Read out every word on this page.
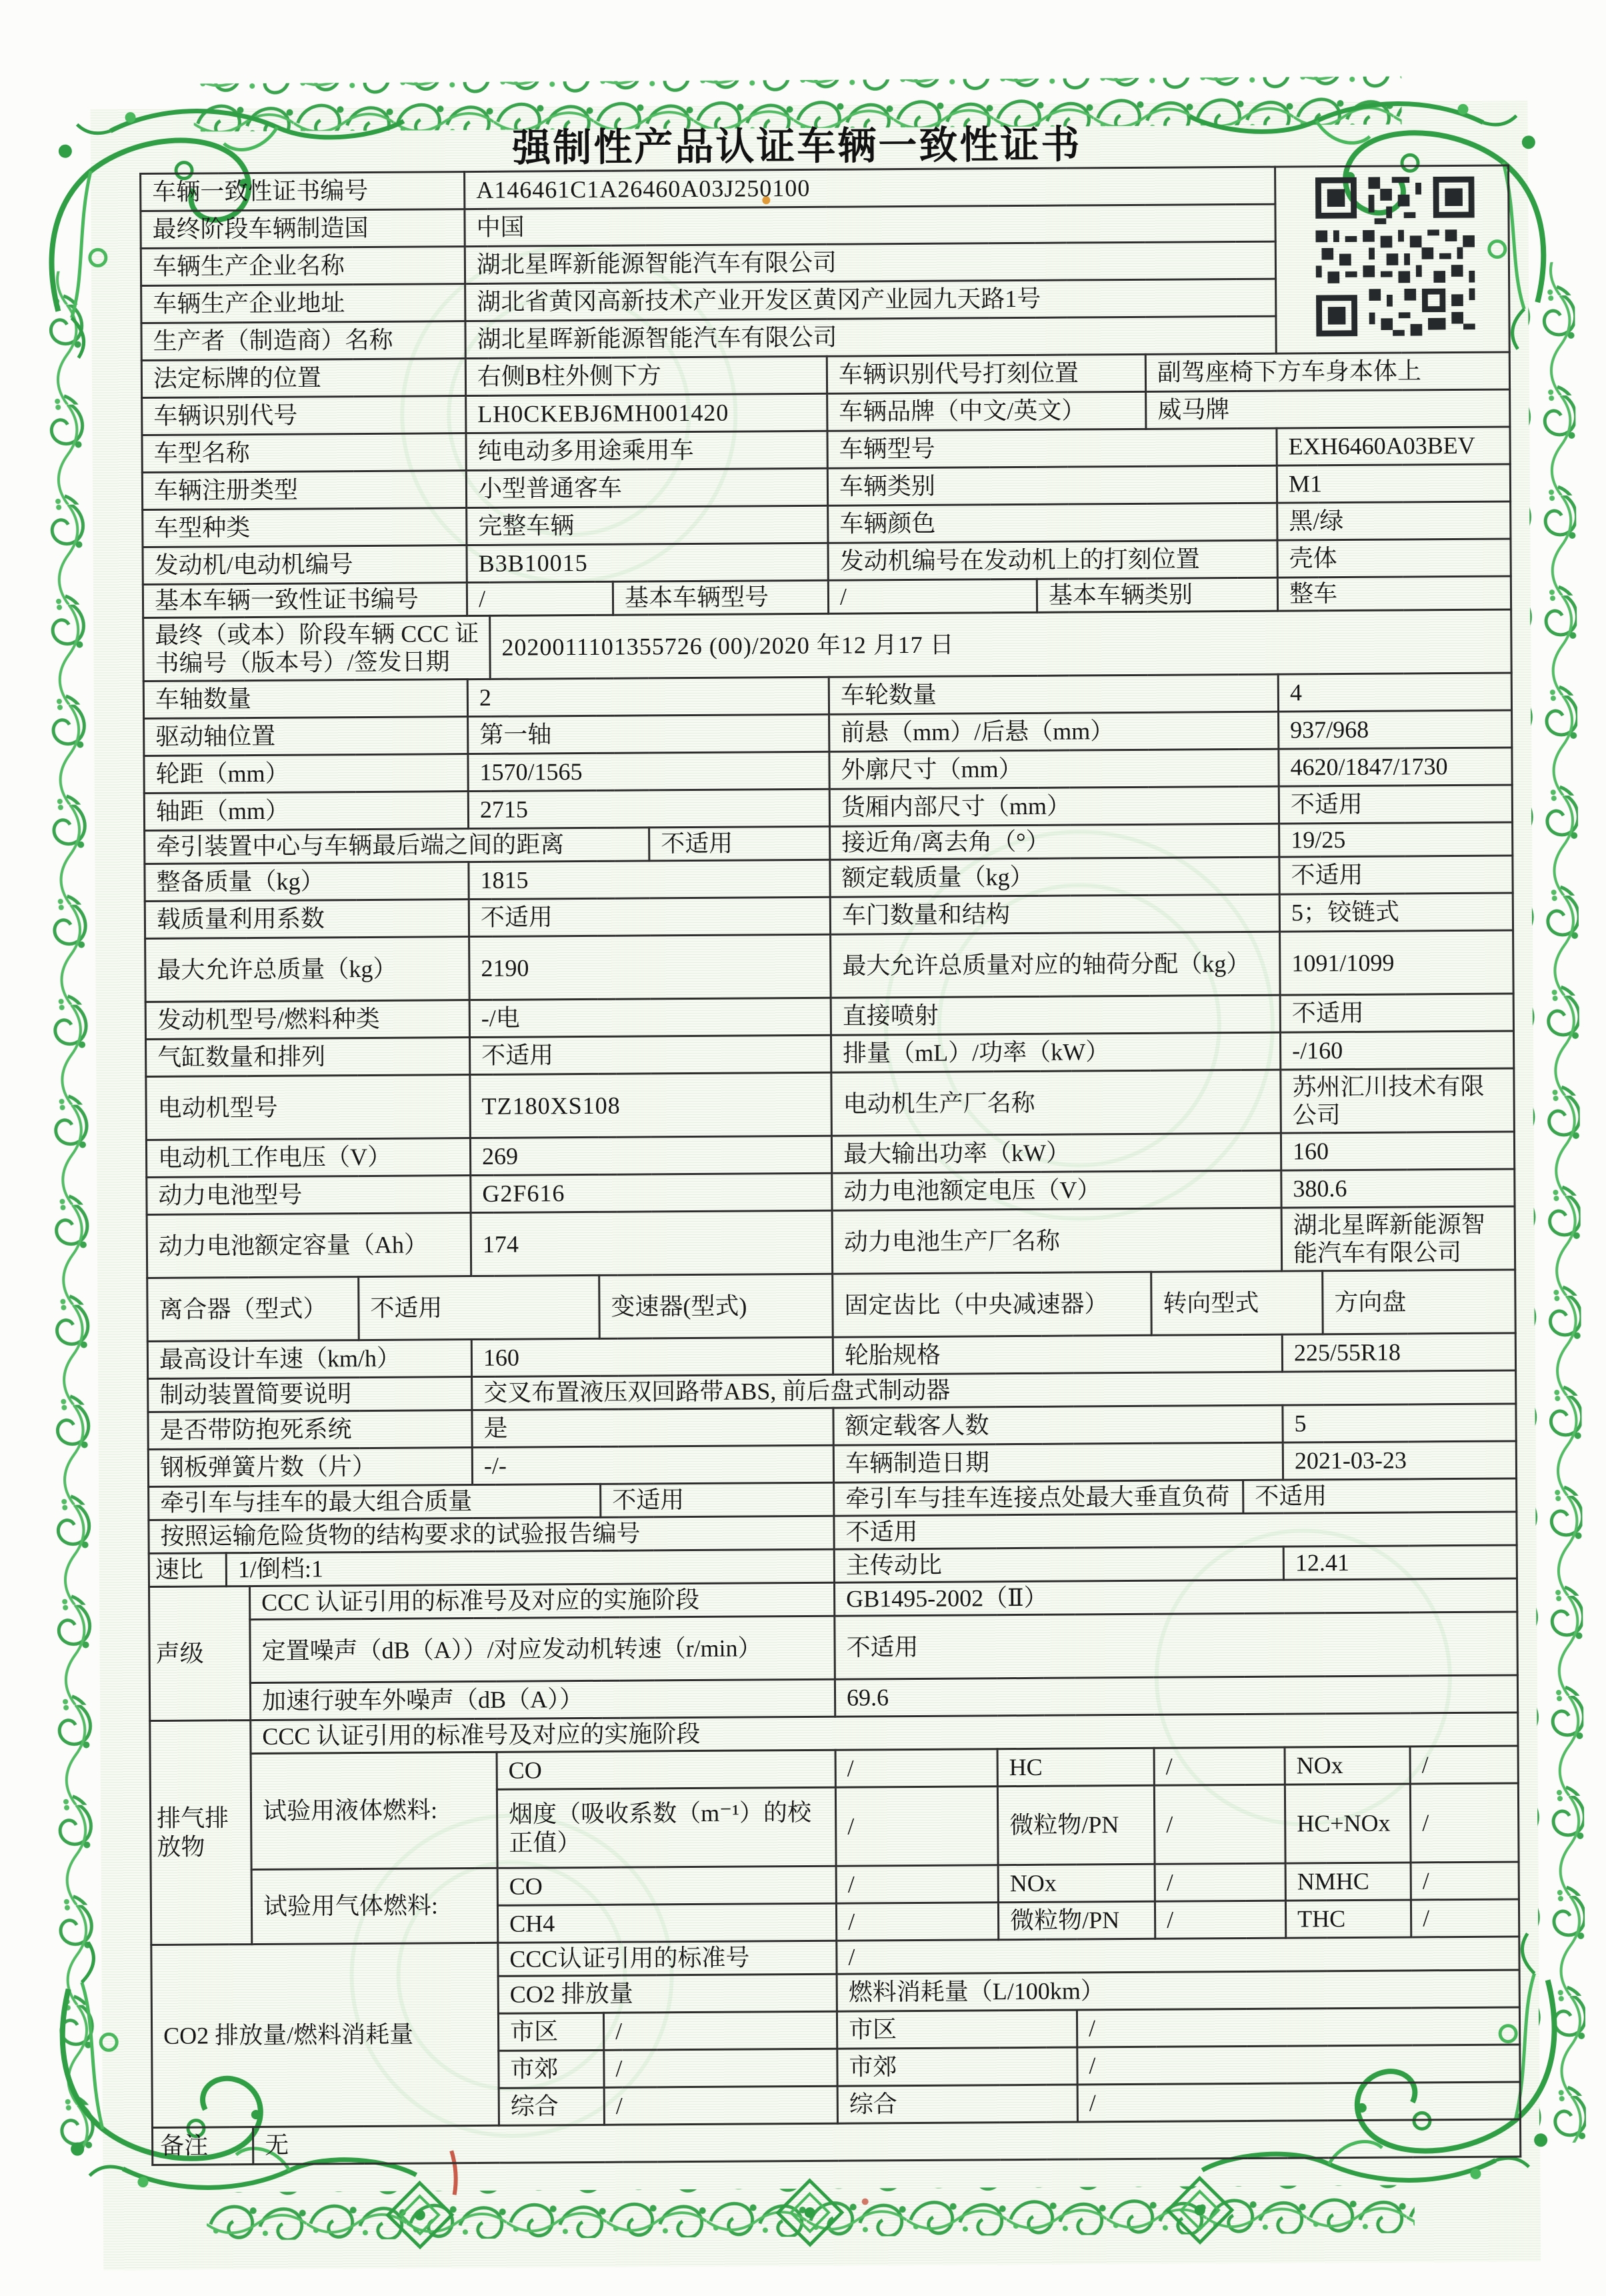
强制性产品认证车辆一致性证书
车辆一致性证书编号				A146461C1A26460A03J250100	
最终阶段车辆制造国				中国													
车辆生产企业名称				湖北星晖新能源智能汽车有限公司													
车辆生产企业地址				湖北省黄冈高新技术产业开发区黄冈产业园九天路1号													
生产者（制造商）名称				湖北星晖新能源智能汽车有限公司													
法定标牌的位置				右侧B柱外侧下方					车辆识别代号打刻位置				副驾座椅下方车身本体上				
车辆识别代号				LH0CKEBJ6MH001420					车辆品牌（中文/英文）				威马牌				
车型名称				纯电动多用途乘用车					车辆型号						EXH6460A03BEV		
车辆注册类型				小型普通客车					车辆类别						M1		
车型种类				完整车辆					车辆颜色						黑/绿		
发动机/电动机编号				B3B10015					发动机编号在发动机上的打刻位置						壳体		
基本车辆一致性证书编号				/			基本车辆型号		/		基本车辆类别				整车		
最终（或本）阶段车辆 CCC 证书编号（版本号）/签发日期					2020011101355726 (00)/2020 年12 月17 日												
车轴数量				2					车轮数量						4		
驱动轴位置				第一轴					前悬（mm）/后悬（mm）						937/968		
轮距（mm）				1570/1565					外廓尺寸（mm）						4620/1847/1730		
轴距（mm）				2715					货厢内部尺寸（mm）						不适用		
牵引装置中心与车辆最后端之间的距离								不适用	接近角/离去角（°）						19/25		
整备质量（kg）				1815					额定载质量（kg）						不适用		
载质量利用系数				不适用					车门数量和结构						5；铰链式		
最大允许总质量（kg）				2190					最大允许总质量对应的轴荷分配（kg）						1091/1099		
发动机型号/燃料种类				-/电					直接喷射						不适用		
气缸数量和排列				不适用					排量（mL）/功率（kW）						-/160		
电动机型号				TZ180XS108					电动机生产厂名称						苏州汇川技术有限公司		
电动机工作电压（V）				269					最大输出功率（kW）						160		
动力电池型号				G2F616					动力电池额定电压（V）						380.6		
动力电池额定容量（Ah）				174					动力电池生产厂名称						湖北星晖新能源智能汽车有限公司		
离合器（型式）			不适用			变速器(型式)			固定齿比（中央减速器）				转向型式			方向盘	
最高设计车速（km/h）				160					轮胎规格						225/55R18		
制动装置简要说明				交叉布置液压双回路带ABS, 前后盘式制动器													
是否带防抱死系统				是					额定载客人数						5		
钢板弹簧片数（片）				-/-					车辆制造日期						2021-03-23		
牵引车与挂车的最大组合质量						不适用			牵引车与挂车连接点处最大垂直负荷					不适用			
按照运输危险货物的结构要求的试验报告编号									不适用								
速比	1/倒档:1								主传动比						12.41		
声级		CCC 认证引用的标准号及对应的实施阶段							GB1495-2002（Ⅱ）								
		定置噪声（dB（A））/对应发动机转速（r/min）							不适用								
		加速行驶车外噪声（dB（A））							69.6								
排气排放物		CCC 认证引用的标准号及对应的实施阶段															
		试验用液体燃料:			CO				/	HC			/		NOx		/
					烟度（吸收系数（m⁻¹）的校正值）				/	微粒物/PN			/		HC+NOx		/
		试验用气体燃料:			CO				/	NOx			/		NMHC		/
					CH4				/	微粒物/PN			/		THC		/
CO2 排放量/燃料消耗量					CCC认证引用的标准号				/								
					CO2 排放量				燃料消耗量（L/100km）								
					市区	/			市区			/					
					市郊	/			市郊			/					
					综合	/			综合			/					
备注		无															
